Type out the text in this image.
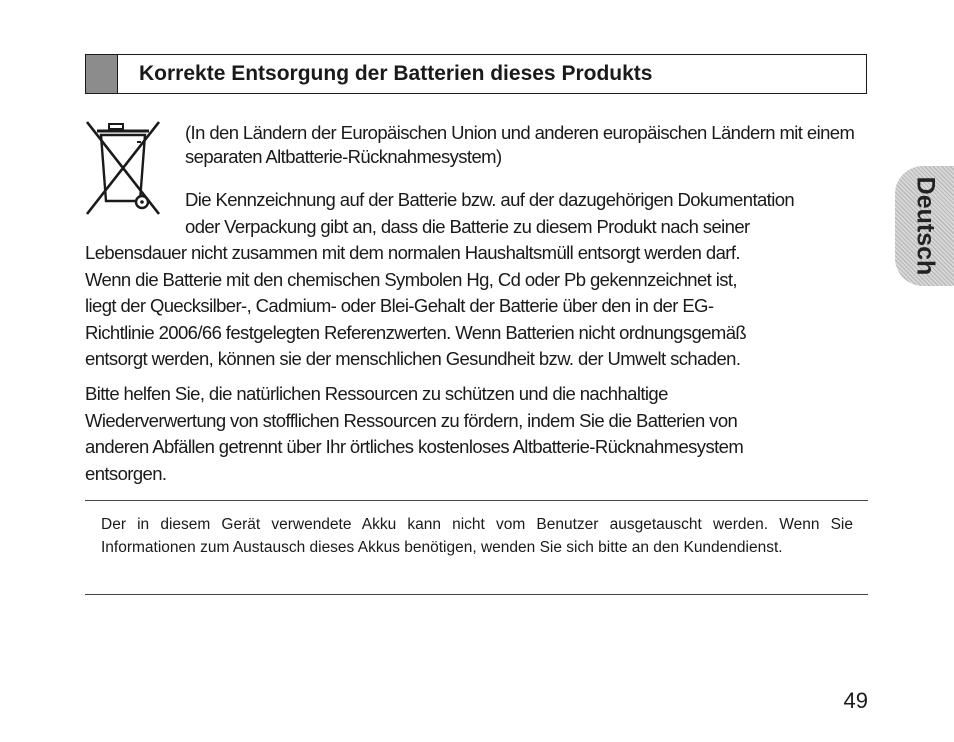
Korrekte Entsorgung der Batterien dieses Produkts

(In den Ländern der Europäischen Union und anderen europäischen Ländern mit einem separaten Altbatterie-Rücknahmesystem)

Die Kennzeichnung auf der Batterie bzw. auf der dazugehörigen Dokumentation
oder Verpackung gibt an, dass die Batterie zu diesem Produkt nach seiner
Lebensdauer nicht zusammen mit dem normalen Haushaltsmüll entsorgt werden darf.
Wenn die Batterie mit den chemischen Symbolen Hg, Cd oder Pb gekennzeichnet ist,
liegt der Quecksilber-, Cadmium- oder Blei-Gehalt der Batterie über den in der EG-
Richtlinie 2006/66 festgelegten Referenzwerten. Wenn Batterien nicht ordnungsgemäß
entsorgt werden, können sie der menschlichen Gesundheit bzw. der Umwelt schaden.

Bitte helfen Sie, die natürlichen Ressourcen zu schützen und die nachhaltige
Wiederverwertung von stofflichen Ressourcen zu fördern, indem Sie die Batterien von
anderen Abfällen getrennt über Ihr örtliches kostenloses Altbatterie-Rücknahmesystem
entsorgen.

Der in diesem Gerät verwendete Akku kann nicht vom Benutzer ausgetauscht werden. Wenn Sie Informationen zum Austausch dieses Akkus benötigen, wenden Sie sich bitte an den Kundendienst.

Deutsch
49
